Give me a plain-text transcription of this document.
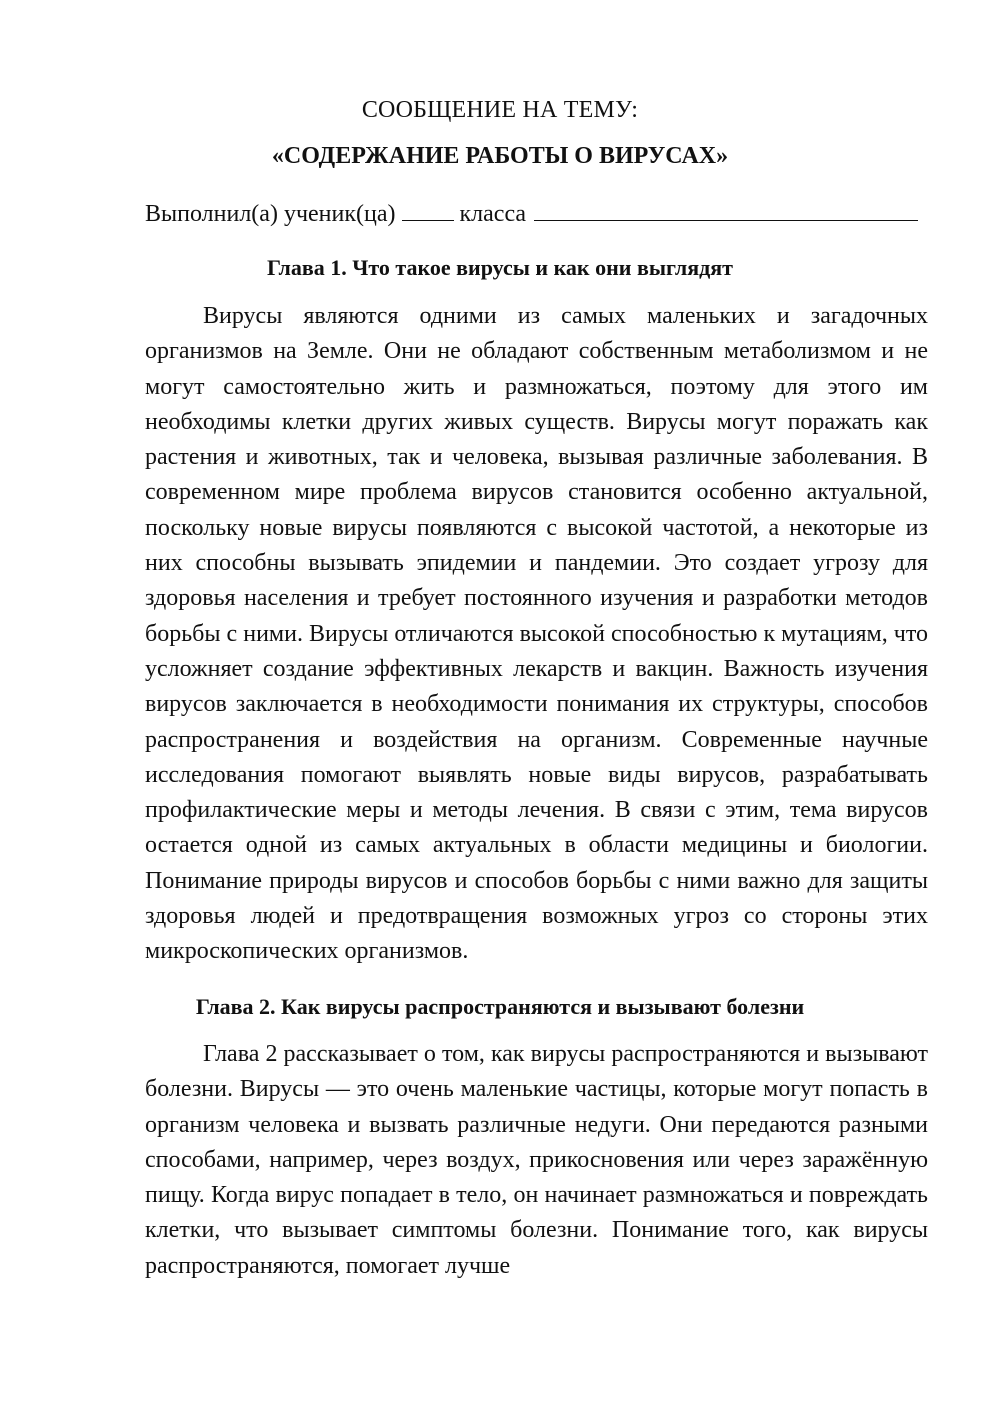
СООБЩЕНИЕ НА ТЕМУ:
«СОДЕРЖАНИЕ РАБОТЫ О ВИРУСАХ»
Выполнил(а) ученик(ца)	класса
Глава 1. Что такое вирусы и как они выглядят

Вирусы являются одними из самых маленьких и загадочных организмов на Земле. Они не обладают собственным метаболизмом и не могут самостоятельно жить и размножаться, поэтому для этого им необходимы клетки других живых существ. Вирусы могут поражать как растения и животных, так и человека, вызывая различные заболевания. В современном мире проблема вирусов становится особенно актуальной, поскольку новые вирусы появляются с высокой частотой, а некоторые из них способны вызывать эпидемии и пандемии. Это создает угрозу для здоровья населения и требует постоянного изучения и разработки методов борьбы с ними. Вирусы отличаются высокой способностью к мутациям, что усложняет создание эффективных лекарств и вакцин. Важность изучения вирусов заключается в необходимости понимания их структуры, способов распространения и воздействия на организм. Современные научные исследования помогают выявлять новые виды вирусов, разрабатывать профилактические меры и методы лечения. В связи с этим, тема вирусов остается одной из самых актуальных в области медицины и биологии. Понимание природы вирусов и способов борьбы с ними важно для защиты здоровья людей и предотвращения возможных угроз со стороны этих микроскопических организмов.

Глава 2. Как вирусы распространяются и вызывают болезни

Глава 2 рассказывает о том, как вирусы распространяются и вызывают болезни. Вирусы — это очень маленькие частицы, которые могут попасть в организм человека и вызвать различные недуги. Они передаются разными способами, например, через воздух, прикосновения или через заражённую пищу. Когда вирус попадает в тело, он начинает размножаться и повреждать клетки, что вызывает симптомы болезни. Понимание того, как вирусы распространяются, помогает лучше
